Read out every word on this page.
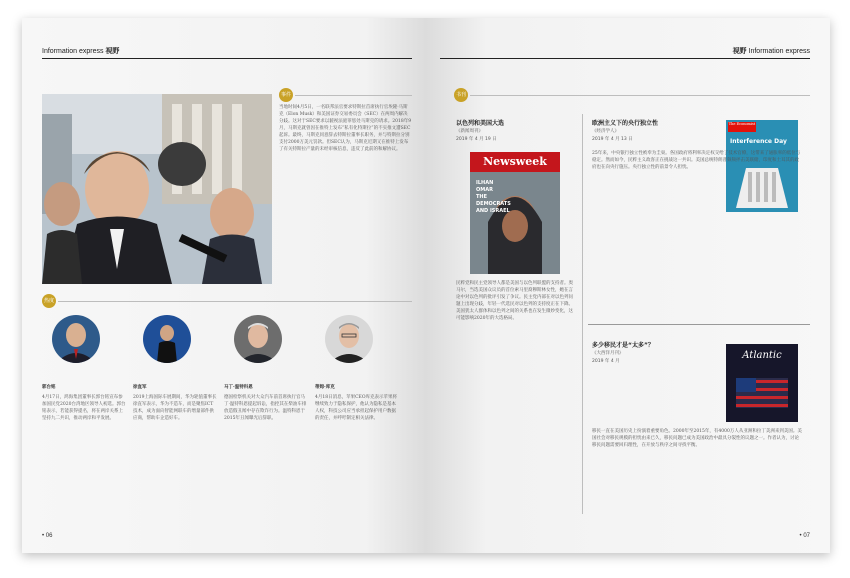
Information express 视野
事件
当地时间4月5日，一名联邦法官要求特斯拉首席执行官埃隆·马斯克（Elon Musk）和美国证券交易委员会（SEC）在两周内解决分歧。这对于SEC要求以藐视法庭罪惩处马斯克的请求。2018年9月，马斯克就曾因在推特上发布“私有化特斯拉”的不实推文遭SEC起诉。最终，马斯克同意辞去特斯拉董事长职务，并与特斯拉分别支付2000万美元罚款。但SEC认为，马斯克近期又在推特上发布了有关特斯拉产量的未经审核信息，违反了此前的和解协议。
热度
郭台铭	徐直军	马丁·温特科恩	蒂姆·库克
4月17日，鸿海集团董事长郭台铭宣布参加国民党2020台湾地区领导人初选。郭台铭表示，若能获得提名，将在两岸关系上坚持九二共识，推动两岸和平发展。
2019上海国际车展期间，华为轮值董事长徐直军表示，华为不造车，而是聚焦ICT技术，成为面向智能网联车的增量部件供应商，帮助车企造好车。
德国检察机关对大众汽车前首席执行官马丁·温特科恩提起诉讼，指控其在柴油车排放造假丑闻中存在欺诈行为。温特科恩于2015年丑闻曝光后辞职。
4月18日消息，苹果CEO库克表示苹果将继续致力于隐私保护，他认为隐私是基本人权，科技公司应当承担起保护用户数据的责任，并呼吁制定相关法律。
• 06
视野 Information express
书刊
以色列和美国大选
《新闻周刊》
2019 年 4 月 19 日
Newsweek
ILHAN
OMAR
THE
DEMOCRATS
AND ISRAEL
民粹党和民主党领导人都是美国与以色列联盟的支持者。奥马尔，当选美国众议员的首位索马里裔穆斯林女性，她在言论中对以色列的批评引发了争议。民主党内部在对以色列问题上出现分歧，年轻一代选民对以色列的支持度正在下降。美国犹太人群体和以色列之间的关系也在发生微妙变化，这可能影响2020年的大选格局。
欧洲主义下的央行独立性
《经济学人》
2019 年 4 月 13 日
The Economist
Interference Day
25年来，中央银行独立性被奉为圭臬。各国政府将利率决定权交给了技术官僚，这带来了通胀率的低位与稳定。然而如今，民粹主义政客正在挑战这一共识。美国总统特朗普频频抨击美联储，印度和土耳其的政府也在向央行施压。央行独立性的前景令人担忧。
多少移民才是“太多”？
《大西洋月刊》
2019 年 4 月
Atlantic
移民一直在美国历史上扮演着重要角色。2000年至2015年，有4000万人从亚洲和拉丁美洲来到美国。美国社会对移民规模的担忧由来已久，移民问题已成为美国政治中最具分裂性的议题之一。作者认为，讨论移民问题需要回归理性，在开放与秩序之间寻找平衡。
• 07
